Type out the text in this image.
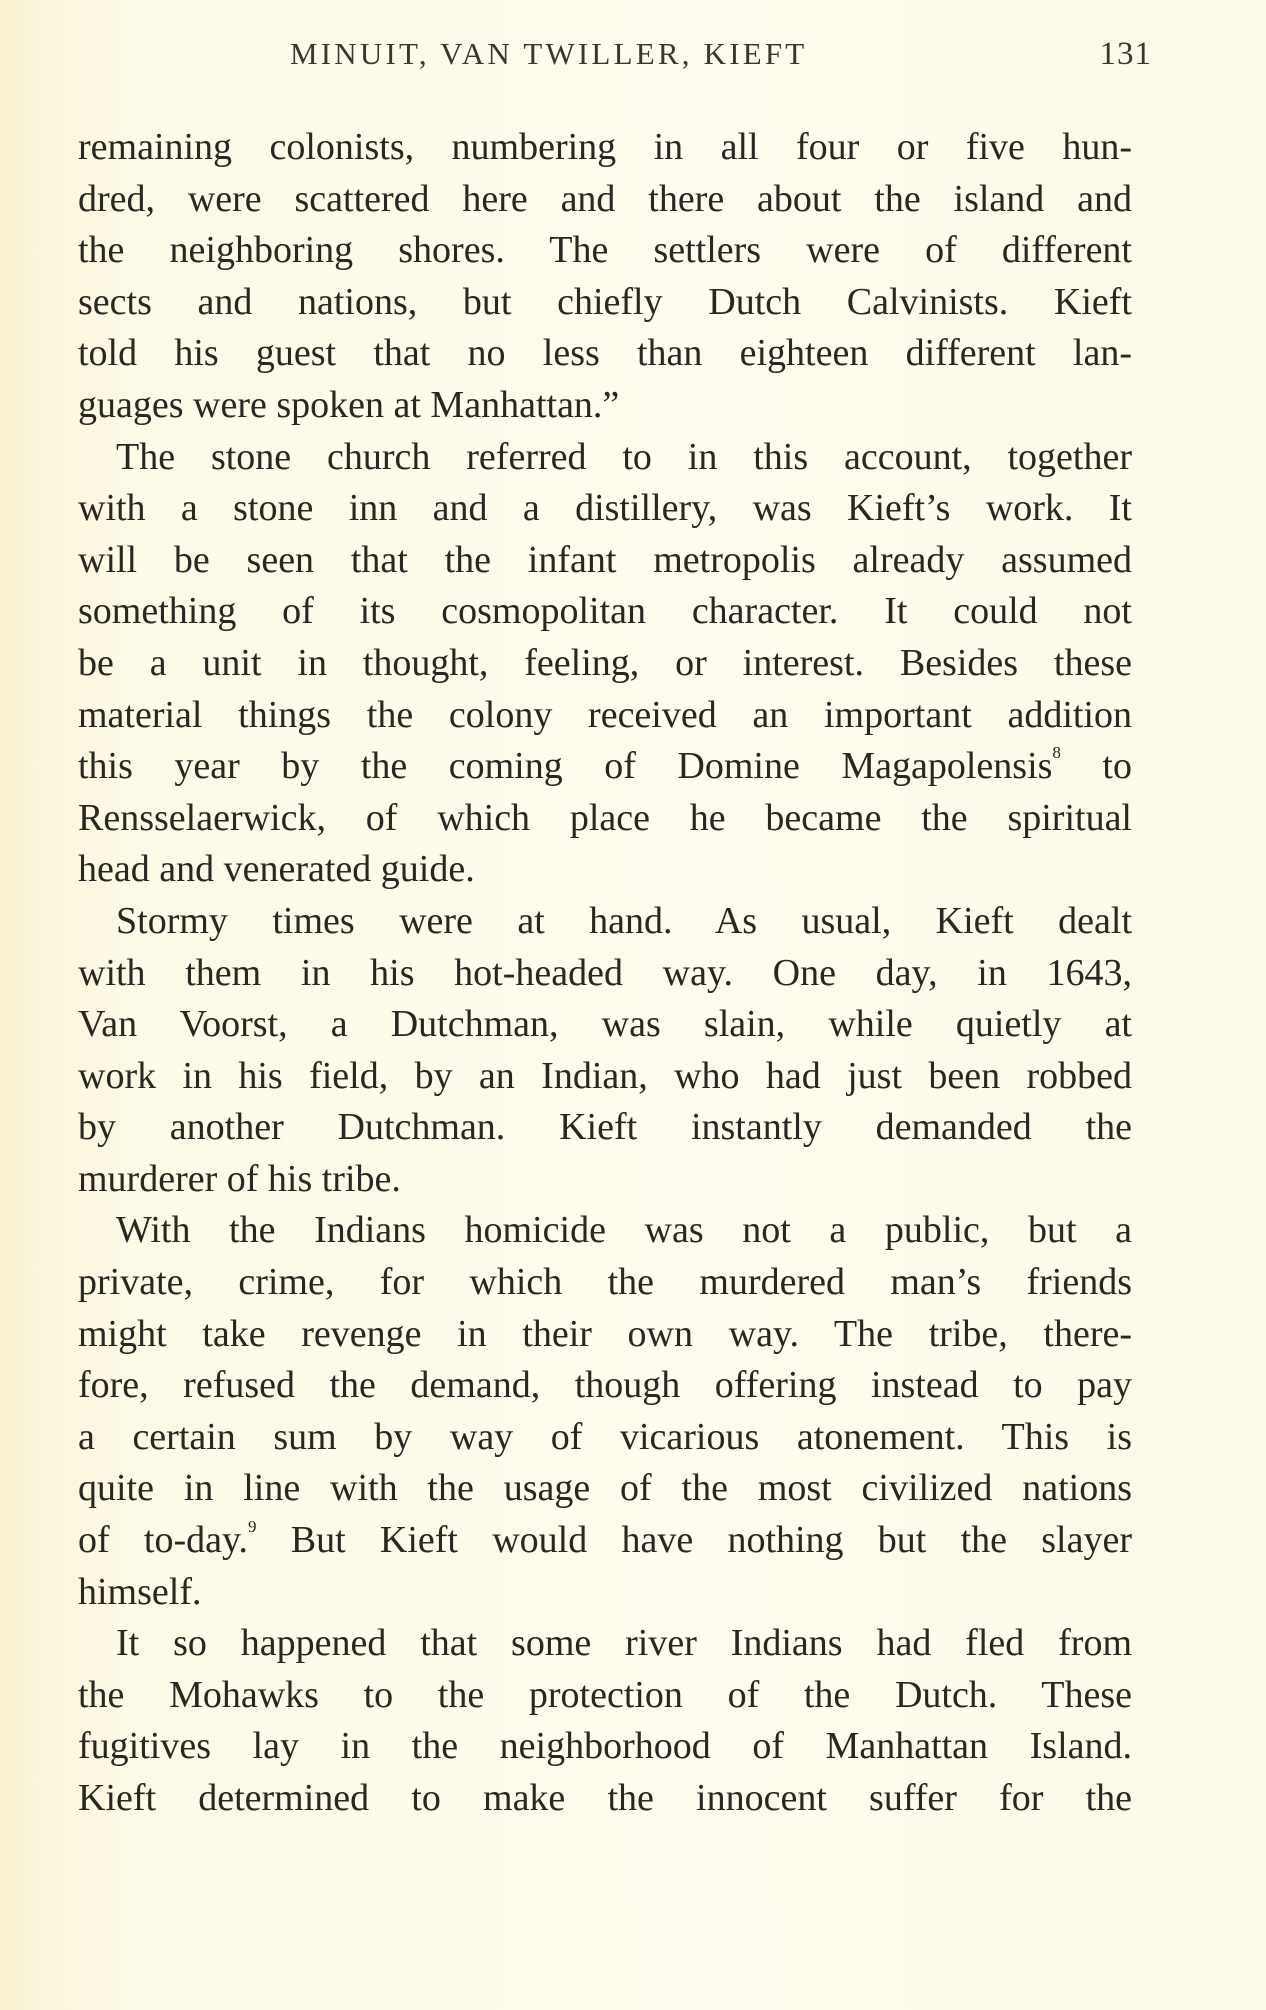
MINUIT, VAN TWILLER, KIEFT	131
remaining colonists, numbering in all four or five hun-
dred, were scattered here and there about the island and
the neighboring shores. The settlers were of different
sects and nations, but chiefly Dutch Calvinists. Kieft
told his guest that no less than eighteen different lan-
guages were spoken at Manhattan.”
The stone church referred to in this account, together
with a stone inn and a distillery, was Kieft’s work. It
will be seen that the infant metropolis already assumed
something of its cosmopolitan character. It could not
be a unit in thought, feeling, or interest. Besides these
material things the colony received an important addition
this year by the coming of Domine Magapolensis$^8$ to
Rensselaerwick, of which place he became the spiritual
head and venerated guide.
Stormy times were at hand. As usual, Kieft dealt
with them in his hot-headed way. One day, in 1643,
Van Voorst, a Dutchman, was slain, while quietly at
work in his field, by an Indian, who had just been robbed
by another Dutchman. Kieft instantly demanded the
murderer of his tribe.
With the Indians homicide was not a public, but a
private, crime, for which the murdered man’s friends
might take revenge in their own way. The tribe, there-
fore, refused the demand, though offering instead to pay
a certain sum by way of vicarious atonement. This is
quite in line with the usage of the most civilized nations
of to-day.$^9$ But Kieft would have nothing but the slayer
himself.
It so happened that some river Indians had fled from
the Mohawks to the protection of the Dutch. These
fugitives lay in the neighborhood of Manhattan Island.
Kieft determined to make the innocent suffer for the
